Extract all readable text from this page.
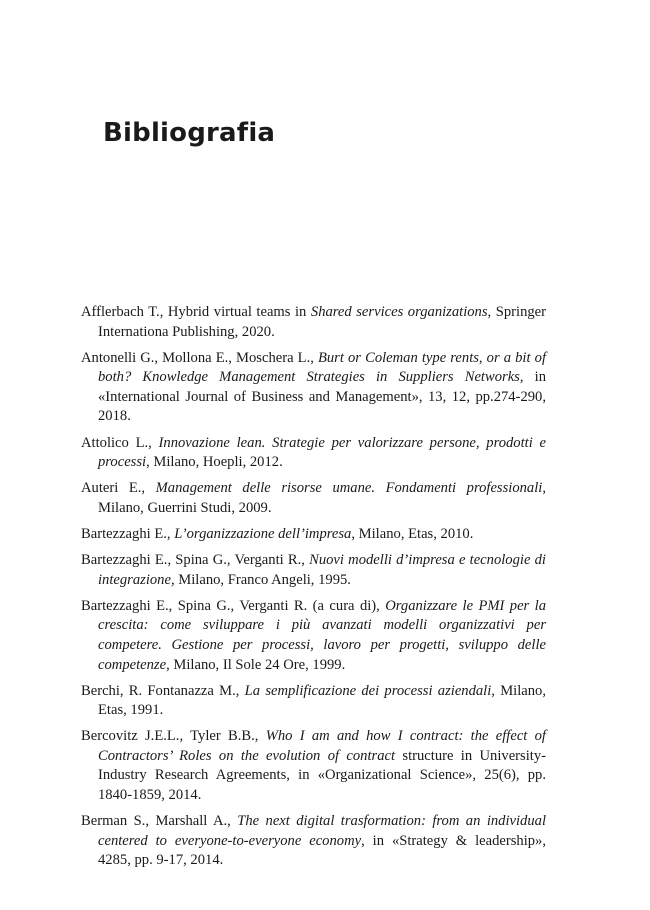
Bibliografia

Afflerbach T., Hybrid virtual teams in Shared services organizations, Springer Internationa Publishing, 2020.

Antonelli G., Mollona E., Moschera L., Burt or Coleman type rents, or a bit of both? Knowledge Management Strategies in Suppliers Networks, in «International Journal of Business and Management», 13, 12, pp.274-290, 2018.

Attolico L., Innovazione lean. Strategie per valorizzare persone, prodotti e processi, Milano, Hoepli, 2012.

Auteri E., Management delle risorse umane. Fondamenti professionali, Milano, Guerrini Studi, 2009.

Bartezzaghi E., L’organizzazione dell’impresa, Milano, Etas, 2010.

Bartezzaghi E., Spina G., Verganti R., Nuovi modelli d’impresa e tecnologie di integrazione, Milano, Franco Angeli, 1995.

Bartezzaghi E., Spina G., Verganti R. (a cura di), Organizzare le PMI per la crescita: come sviluppare i più avanzati modelli organizzativi per competere. Gestione per processi, lavoro per progetti, sviluppo delle competenze, Milano, Il Sole 24 Ore, 1999.

Berchi, R. Fontanazza M., La semplificazione dei processi aziendali, Milano, Etas, 1991.

Bercovitz J.E.L., Tyler B.B., Who I am and how I contract: the effect of Contractors’ Roles on the evolution of contract structure in University-Industry Research Agreements, in «Organizational Science», 25(6), pp. 1840-1859, 2014.

Berman S., Marshall A., The next digital trasformation: from an individual centered to everyone-to-everyone economy, in «Strategy & leadership», 4285, pp. 9-17, 2014.
